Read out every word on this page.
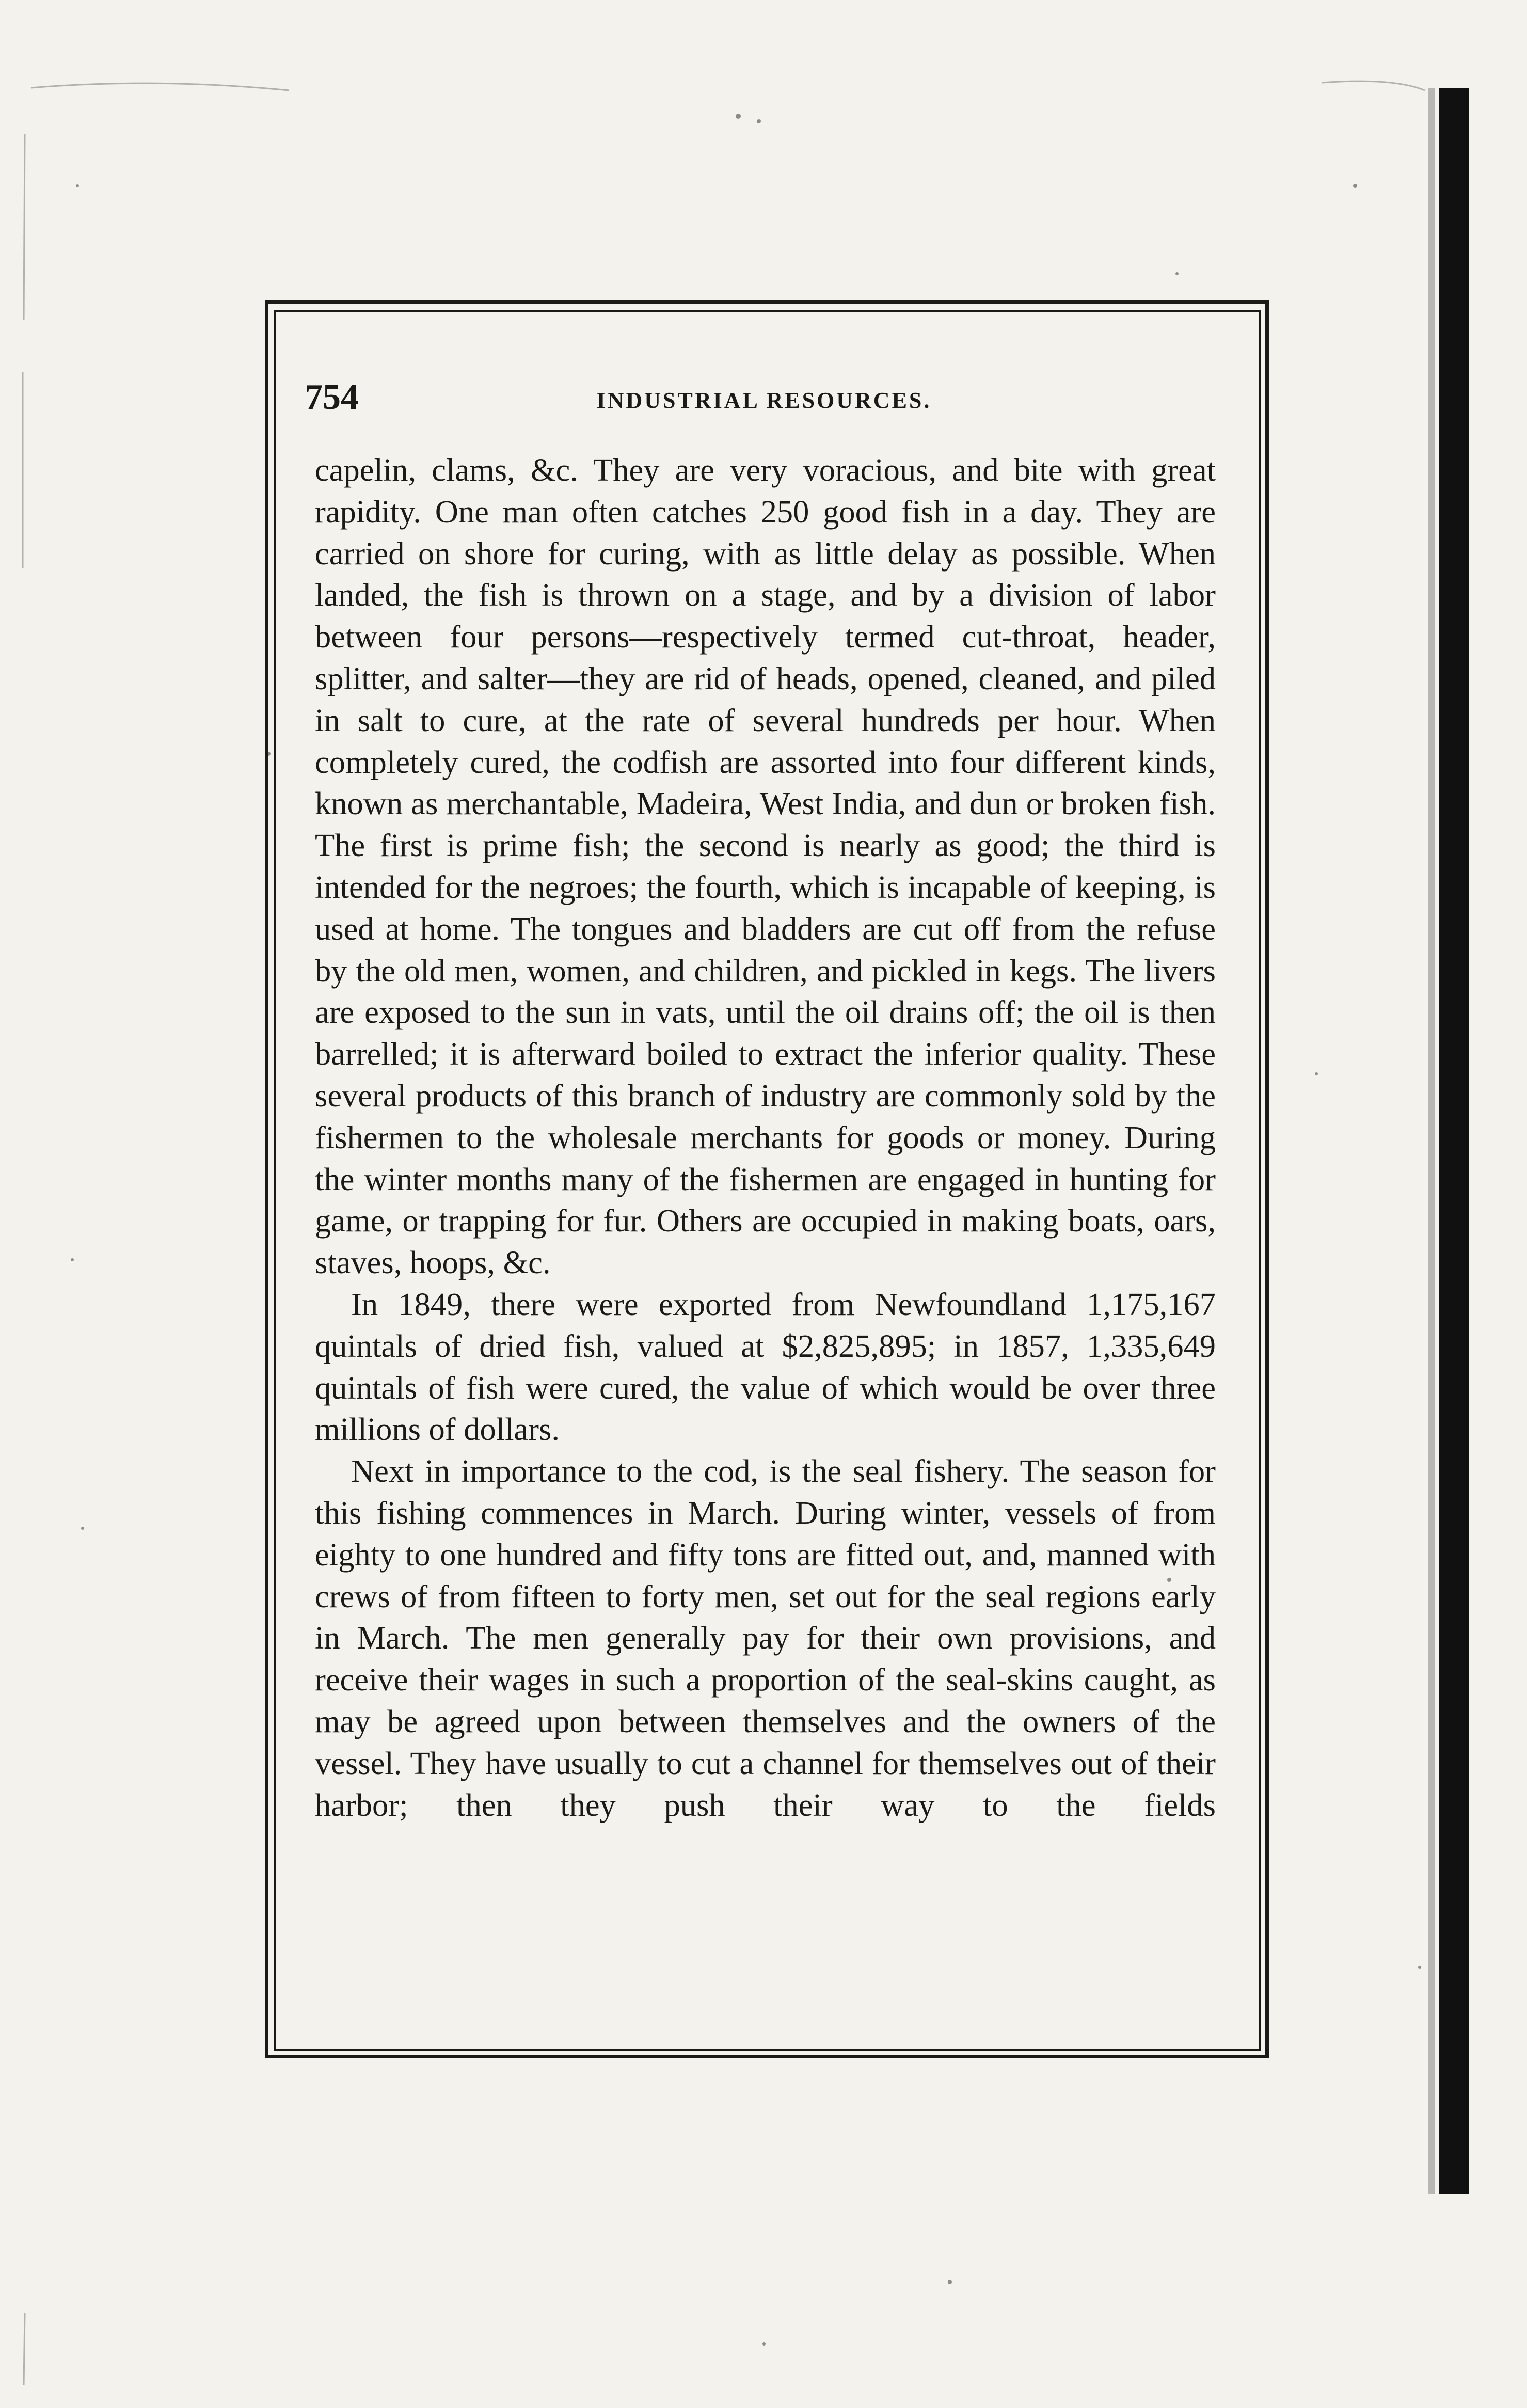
754	INDUSTRIAL RESOURCES.

capelin, clams, &c. They are very voracious, and bite with great rapidity. One man often catches 250 good fish in a day. They are carried on shore for curing, with as little delay as possible. When landed, the fish is thrown on a stage, and by a division of labor between four persons—respectively termed cut-throat, header, splitter, and salter—they are rid of heads, opened, cleaned, and piled in salt to cure, at the rate of several hundreds per hour. When completely cured, the codfish are assorted into four different kinds, known as merchantable, Madeira, West India, and dun or broken fish. The first is prime fish; the second is nearly as good; the third is intended for the negroes; the fourth, which is incapable of keeping, is used at home. The tongues and bladders are cut off from the refuse by the old men, women, and children, and pickled in kegs. The livers are exposed to the sun in vats, until the oil drains off; the oil is then barrelled; it is afterward boiled to extract the inferior quality. These several products of this branch of industry are commonly sold by the fishermen to the wholesale merchants for goods or money. During the winter months many of the fishermen are engaged in hunting for game, or trapping for fur. Others are occupied in making boats, oars, staves, hoops, &c.

In 1849, there were exported from Newfoundland 1,175,167 quintals of dried fish, valued at $2,825,895; in 1857, 1,335,649 quintals of fish were cured, the value of which would be over three millions of dollars.

Next in importance to the cod, is the seal fishery. The season for this fishing commences in March. During winter, vessels of from eighty to one hundred and fifty tons are fitted out, and, manned with crews of from fifteen to forty men, set out for the seal regions early in March. The men generally pay for their own provisions, and receive their wages in such a proportion of the seal-skins caught, as may be agreed upon between themselves and the owners of the vessel. They have usually to cut a channel for themselves out of their harbor; then they push their way to the fields
